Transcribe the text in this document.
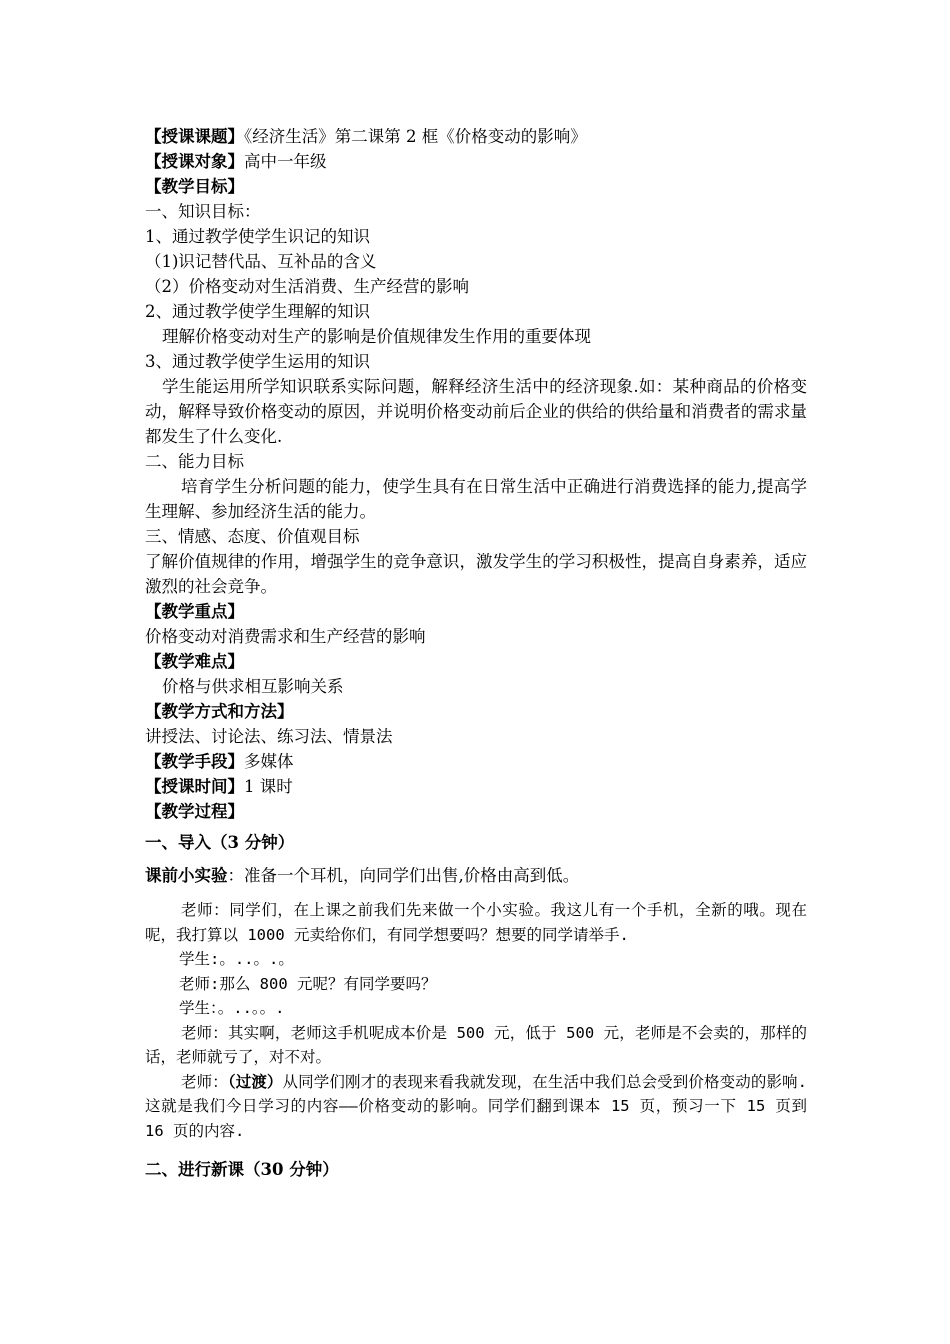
【授课课题】《经济生活》第二课第 2 框《价格变动的影响》
【授课对象】高中一年级
【教学目标】
一、知识目标：
1、通过教学使学生识记的知识
（1)识记替代品、互补品的含义
（2）价格变动对生活消费、生产经营的影响
2、通过教学使学生理解的知识
理解价格变动对生产的影响是价值规律发生作用的重要体现
3、通过教学使学生运用的知识
学生能运用所学知识联系实际问题，解释经济生活中的经济现象.如：某种商品的价格变动，解释导致价格变动的原因，并说明价格变动前后企业的供给的供给量和消费者的需求量都发生了什么变化.
二、能力目标
培育学生分析问题的能力，使学生具有在日常生活中正确进行消费选择的能力,提高学生理解、参加经济生活的能力。
三、情感、态度、价值观目标
了解价值规律的作用，增强学生的竞争意识，激发学生的学习积极性，提高自身素养，适应激烈的社会竞争。
【教学重点】
价格变动对消费需求和生产经营的影响
【教学难点】
价格与供求相互影响关系
【教学方式和方法】
讲授法、讨论法、练习法、情景法
【教学手段】多媒体
【授课时间】1 课时
【教学过程】
一、导入（3 分钟）
课前小实验：准备一个耳机，向同学们出售,价格由高到低。
老师：同学们，在上课之前我们先来做一个小实验。我这儿有一个手机，全新的哦。现在呢，我打算以 1000 元卖给你们，有同学想要吗？想要的同学请举手.
学生:。..。.。
老师:那么 800 元呢？有同学要吗？
学生：。..。。.
老师：其实啊，老师这手机呢成本价是 500 元，低于 500 元，老师是不会卖的，那样的话，老师就亏了，对不对。
老师：（过渡）从同学们刚才的表现来看我就发现，在生活中我们总会受到价格变动的影响.这就是我们今日学习的内容——价格变动的影响。同学们翻到课本 15 页，预习一下 15 页到 16 页的内容.
二、进行新课（30 分钟）
